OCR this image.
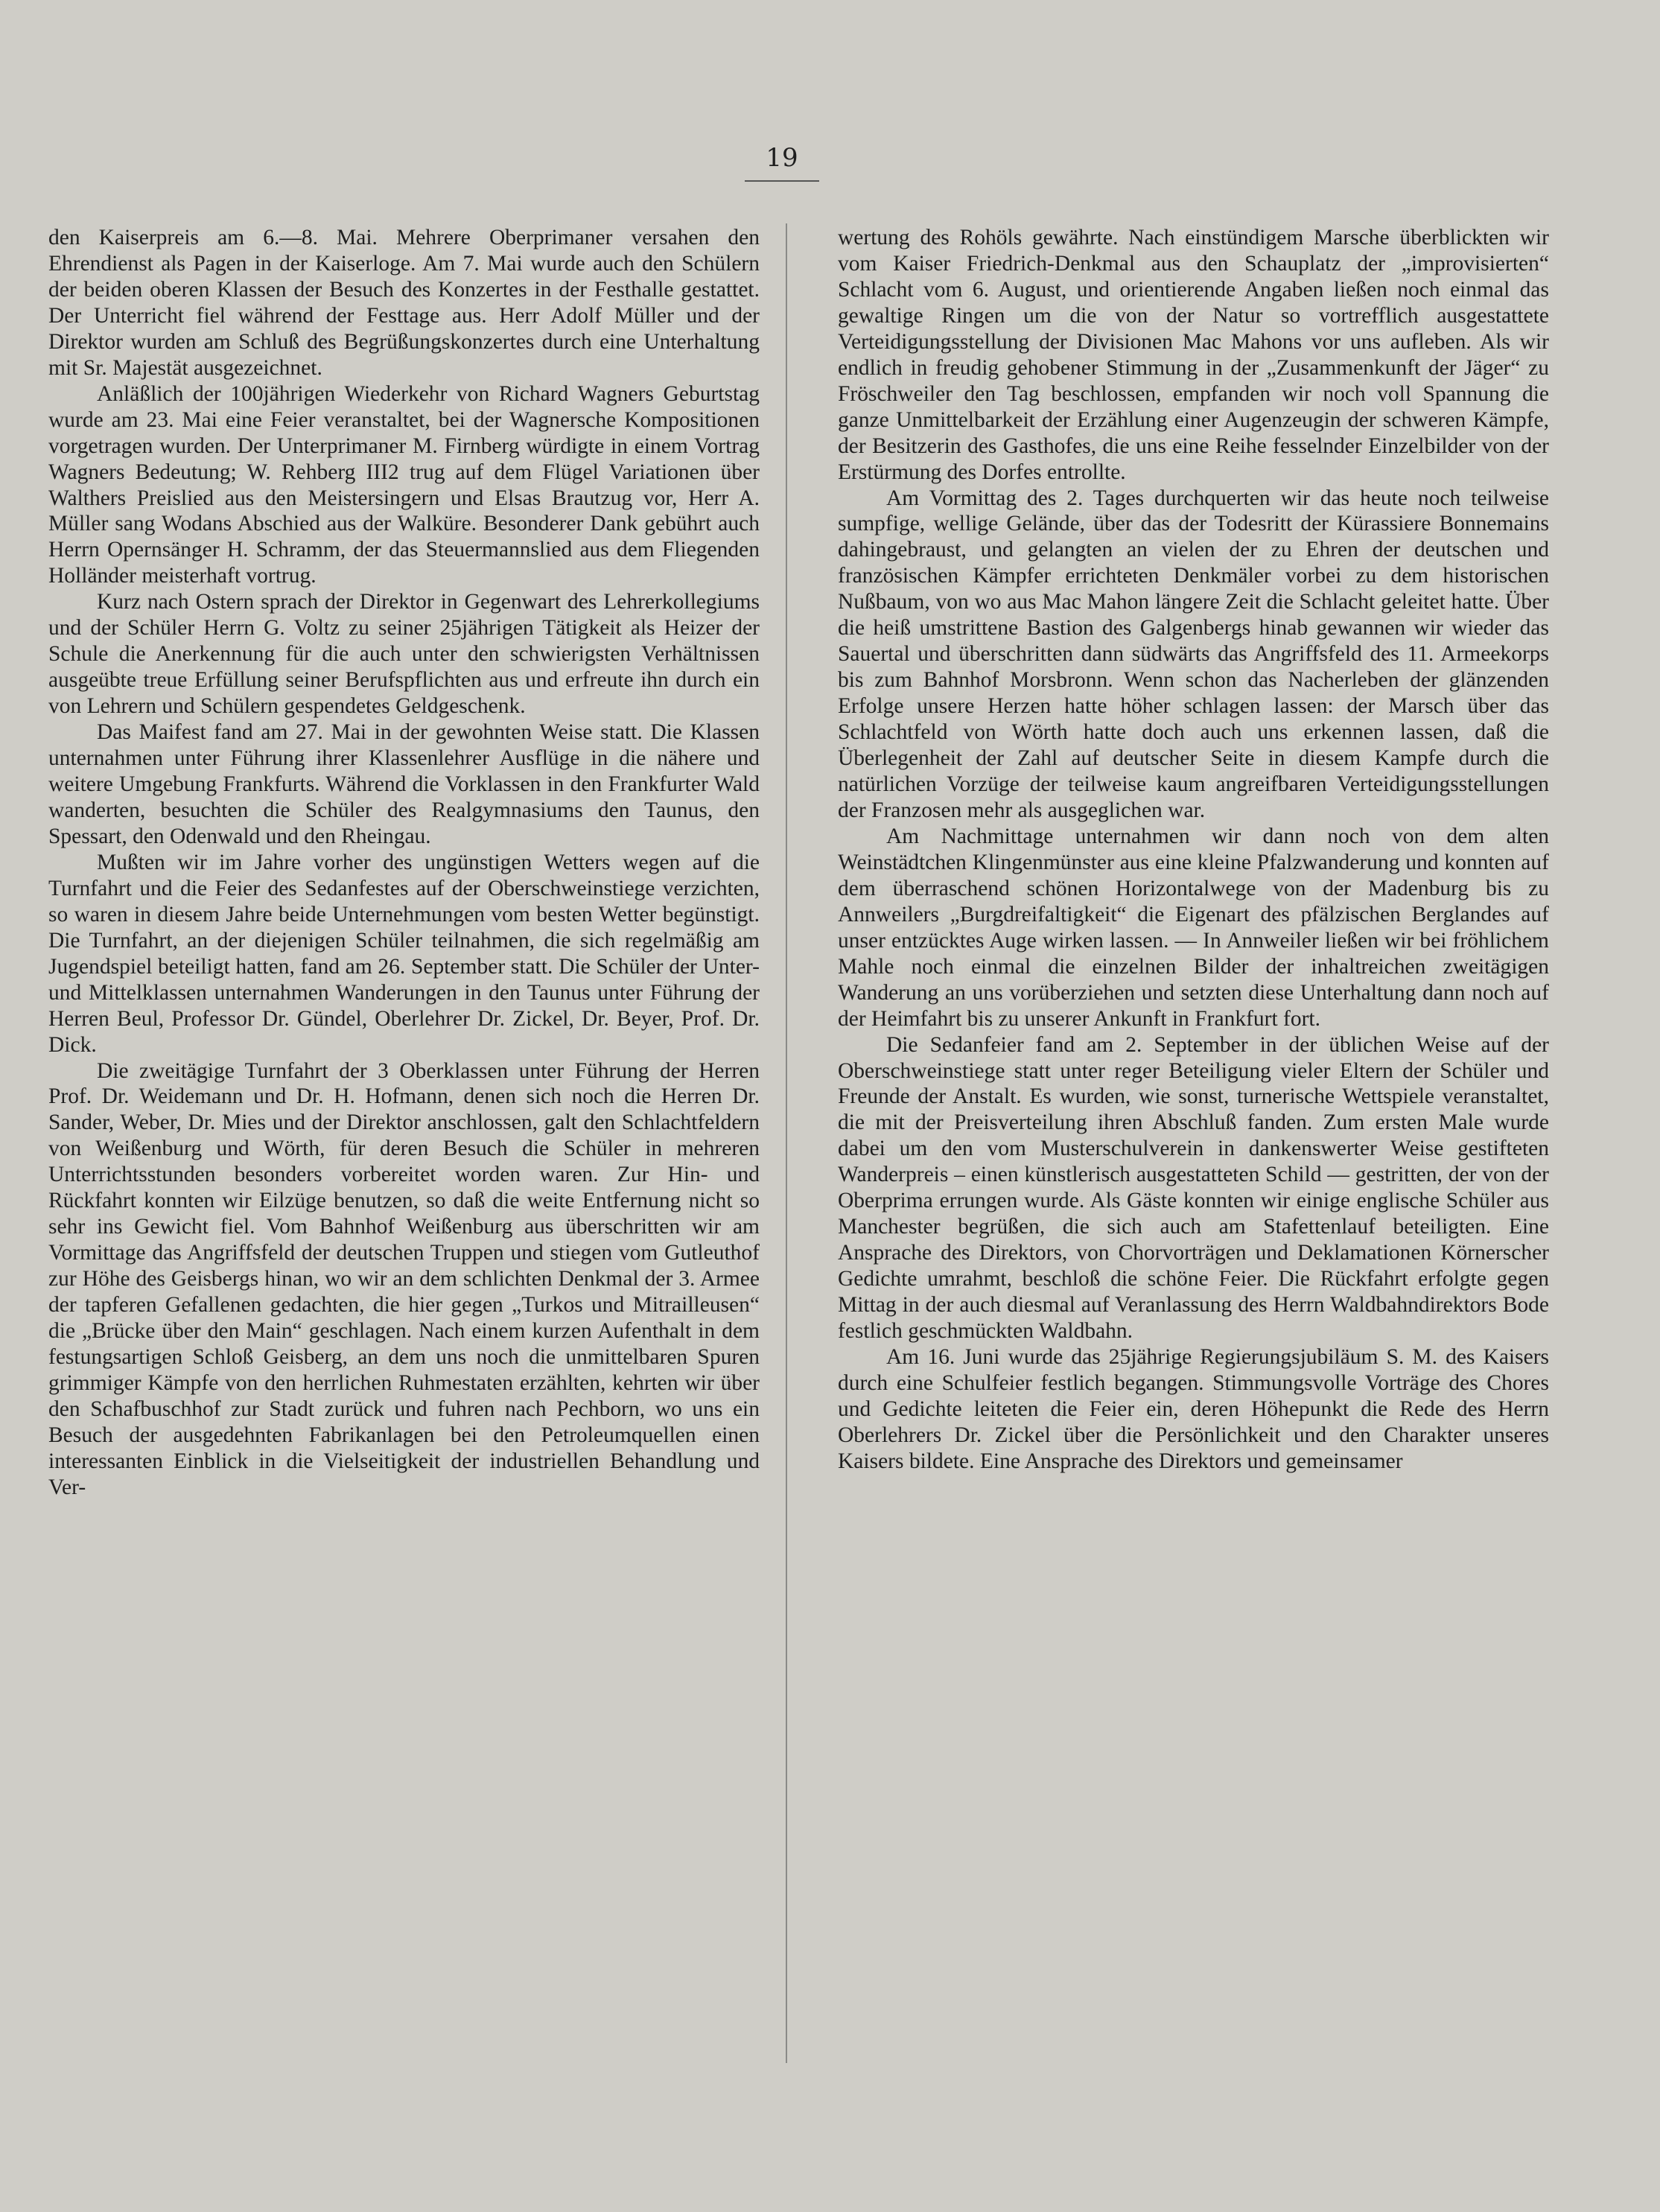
19

den Kaiserpreis am 6.—8. Mai. Mehrere Oberprimaner versahen den Ehrendienst als Pagen in der Kaiserloge. Am 7. Mai wurde auch den Schülern der beiden oberen Klassen der Besuch des Konzertes in der Festhalle gestattet. Der Unterricht fiel während der Festtage aus. Herr Adolf Müller und der Direktor wurden am Schluß des Begrüßungskonzertes durch eine Unterhaltung mit Sr. Majestät ausgezeichnet.

Anläßlich der 100jährigen Wiederkehr von Richard Wagners Geburtstag wurde am 23. Mai eine Feier veranstaltet, bei der Wagnersche Kompositionen vorgetragen wurden. Der Unterprimaner M. Firnberg würdigte in einem Vortrag Wagners Bedeutung; W. Rehberg III2 trug auf dem Flügel Variationen über Walthers Preislied aus den Meistersingern und Elsas Brautzug vor, Herr A. Müller sang Wodans Abschied aus der Walküre. Besonderer Dank gebührt auch Herrn Opernsänger H. Schramm, der das Steuermannslied aus dem Fliegenden Holländer meisterhaft vortrug.

Kurz nach Ostern sprach der Direktor in Gegenwart des Lehrerkollegiums und der Schüler Herrn G. Voltz zu seiner 25jährigen Tätigkeit als Heizer der Schule die Anerkennung für die auch unter den schwierigsten Verhältnissen ausgeübte treue Erfüllung seiner Berufspflichten aus und erfreute ihn durch ein von Lehrern und Schülern gespendetes Geldgeschenk.

Das Maifest fand am 27. Mai in der gewohnten Weise statt. Die Klassen unternahmen unter Führung ihrer Klassenlehrer Ausflüge in die nähere und weitere Umgebung Frankfurts. Während die Vorklassen in den Frankfurter Wald wanderten, besuchten die Schüler des Realgymnasiums den Taunus, den Spessart, den Odenwald und den Rheingau.

Mußten wir im Jahre vorher des ungünstigen Wetters wegen auf die Turnfahrt und die Feier des Sedanfestes auf der Oberschweinstiege verzichten, so waren in diesem Jahre beide Unternehmungen vom besten Wetter begünstigt. Die Turnfahrt, an der diejenigen Schüler teilnahmen, die sich regelmäßig am Jugendspiel beteiligt hatten, fand am 26. September statt. Die Schüler der Unter- und Mittelklassen unternahmen Wanderungen in den Taunus unter Führung der Herren Beul, Professor Dr. Gündel, Oberlehrer Dr. Zickel, Dr. Beyer, Prof. Dr. Dick.

Die zweitägige Turnfahrt der 3 Oberklassen unter Führung der Herren Prof. Dr. Weidemann und Dr. H. Hofmann, denen sich noch die Herren Dr. Sander, Weber, Dr. Mies und der Direktor anschlossen, galt den Schlachtfeldern von Weißenburg und Wörth, für deren Besuch die Schüler in mehreren Unterrichtsstunden besonders vorbereitet worden waren. Zur Hin- und Rückfahrt konnten wir Eilzüge benutzen, so daß die weite Entfernung nicht so sehr ins Gewicht fiel. Vom Bahnhof Weißenburg aus überschritten wir am Vormittage das Angriffsfeld der deutschen Truppen und stiegen vom Gutleuthof zur Höhe des Geisbergs hinan, wo wir an dem schlichten Denkmal der 3. Armee der tapferen Gefallenen gedachten, die hier gegen „Turkos und Mitrailleusen“ die „Brücke über den Main“ geschlagen. Nach einem kurzen Aufenthalt in dem festungsartigen Schloß Geisberg, an dem uns noch die unmittelbaren Spuren grimmiger Kämpfe von den herrlichen Ruhmestaten erzählten, kehrten wir über den Schafbuschhof zur Stadt zurück und fuhren nach Pechborn, wo uns ein Besuch der ausgedehnten Fabrikanlagen bei den Petroleumquellen einen interessanten Einblick in die Vielseitigkeit der industriellen Behandlung und Ver-

wertung des Rohöls gewährte. Nach einstündigem Marsche überblickten wir vom Kaiser Friedrich-Denkmal aus den Schauplatz der „improvisierten“ Schlacht vom 6. August, und orientierende Angaben ließen noch einmal das gewaltige Ringen um die von der Natur so vortrefflich ausgestattete Verteidigungsstellung der Divisionen Mac Mahons vor uns aufleben. Als wir endlich in freudig gehobener Stimmung in der „Zusammenkunft der Jäger“ zu Fröschweiler den Tag beschlossen, empfanden wir noch voll Spannung die ganze Unmittelbarkeit der Erzählung einer Augenzeugin der schweren Kämpfe, der Besitzerin des Gasthofes, die uns eine Reihe fesselnder Einzelbilder von der Erstürmung des Dorfes entrollte.

Am Vormittag des 2. Tages durchquerten wir das heute noch teilweise sumpfige, wellige Gelände, über das der Todesritt der Kürassiere Bonnemains dahingebraust, und gelangten an vielen der zu Ehren der deutschen und französischen Kämpfer errichteten Denkmäler vorbei zu dem historischen Nußbaum, von wo aus Mac Mahon längere Zeit die Schlacht geleitet hatte. Über die heiß umstrittene Bastion des Galgenbergs hinab gewannen wir wieder das Sauertal und überschritten dann südwärts das Angriffsfeld des 11. Armeekorps bis zum Bahnhof Morsbronn. Wenn schon das Nacherleben der glänzenden Erfolge unsere Herzen hatte höher schlagen lassen: der Marsch über das Schlachtfeld von Wörth hatte doch auch uns erkennen lassen, daß die Überlegenheit der Zahl auf deutscher Seite in diesem Kampfe durch die natürlichen Vorzüge der teilweise kaum angreifbaren Verteidigungsstellungen der Franzosen mehr als ausgeglichen war.

Am Nachmittage unternahmen wir dann noch von dem alten Weinstädtchen Klingenmünster aus eine kleine Pfalzwanderung und konnten auf dem überraschend schönen Horizontalwege von der Madenburg bis zu Annweilers „Burgdreifaltigkeit“ die Eigenart des pfälzischen Berglandes auf unser entzücktes Auge wirken lassen. — In Annweiler ließen wir bei fröhlichem Mahle noch einmal die einzelnen Bilder der inhaltreichen zweitägigen Wanderung an uns vorüberziehen und setzten diese Unterhaltung dann noch auf der Heimfahrt bis zu unserer Ankunft in Frankfurt fort.

Die Sedanfeier fand am 2. September in der üblichen Weise auf der Oberschweinstiege statt unter reger Beteiligung vieler Eltern der Schüler und Freunde der Anstalt. Es wurden, wie sonst, turnerische Wettspiele veranstaltet, die mit der Preisverteilung ihren Abschluß fanden. Zum ersten Male wurde dabei um den vom Musterschulverein in dankenswerter Weise gestifteten Wanderpreis – einen künstlerisch ausgestatteten Schild — gestritten, der von der Oberprima errungen wurde. Als Gäste konnten wir einige englische Schüler aus Manchester begrüßen, die sich auch am Stafettenlauf beteiligten. Eine Ansprache des Direktors, von Chorvorträgen und Deklamationen Körnerscher Gedichte umrahmt, beschloß die schöne Feier. Die Rückfahrt erfolgte gegen Mittag in der auch diesmal auf Veranlassung des Herrn Waldbahndirektors Bode festlich geschmückten Waldbahn.

Am 16. Juni wurde das 25jährige Regierungsjubiläum S. M. des Kaisers durch eine Schulfeier festlich begangen. Stimmungsvolle Vorträge des Chores und Gedichte leiteten die Feier ein, deren Höhepunkt die Rede des Herrn Oberlehrers Dr. Zickel über die Persönlichkeit und den Charakter unseres Kaisers bildete. Eine Ansprache des Direktors und gemeinsamer
